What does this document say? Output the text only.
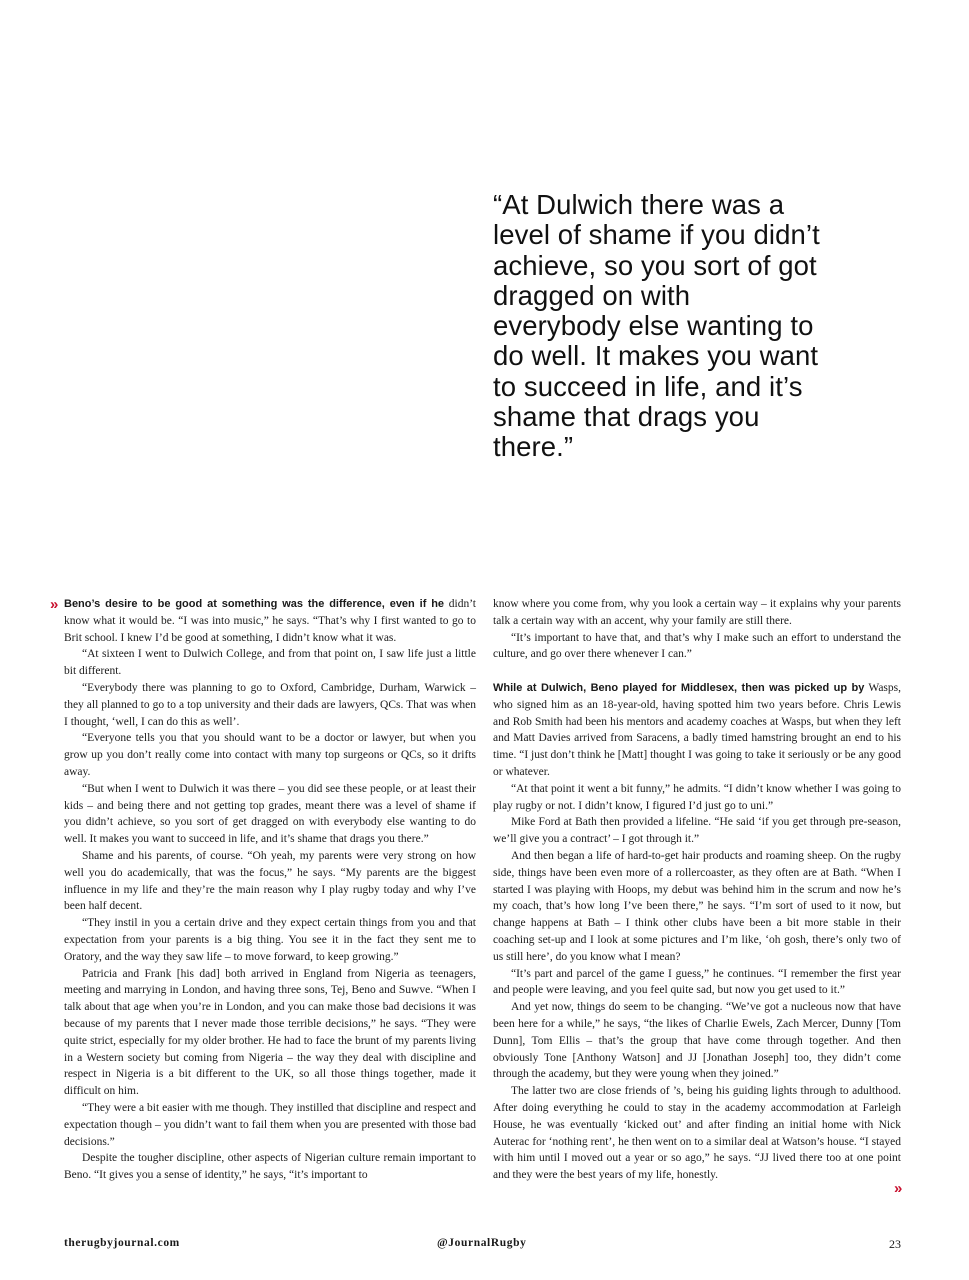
“At Dulwich there was a level of shame if you didn’t achieve, so you sort of got dragged on with everybody else wanting to do well. It makes you want to succeed in life, and it’s shame that drags you there.”
» Beno’s desire to be good at something was the difference, even if he didn’t know what it would be. “I was into music,” he says. “That’s why I first wanted to go to Brit school. I knew I’d be good at something, I didn’t know what it was.

“At sixteen I went to Dulwich College, and from that point on, I saw life just a little bit different.

“Everybody there was planning to go to Oxford, Cambridge, Durham, Warwick – they all planned to go to a top university and their dads are lawyers, QCs. That was when I thought, ‘well, I can do this as well’.

“Everyone tells you that you should want to be a doctor or lawyer, but when you grow up you don’t really come into contact with many top surgeons or QCs, so it drifts away.

“But when I went to Dulwich it was there – you did see these people, or at least their kids – and being there and not getting top grades, meant there was a level of shame if you didn’t achieve, so you sort of get dragged on with everybody else wanting to do well. It makes you want to succeed in life, and it’s shame that drags you there.”

Shame and his parents, of course. “Oh yeah, my parents were very strong on how well you do academically, that was the focus,” he says. “My parents are the biggest influence in my life and they’re the main reason why I play rugby today and why I’ve been half decent.

“They instil in you a certain drive and they expect certain things from you and that expectation from your parents is a big thing. You see it in the fact they sent me to Oratory, and the way they saw life – to move forward, to keep growing.”

Patricia and Frank [his dad] both arrived in England from Nigeria as teenagers, meeting and marrying in London, and having three sons, Tej, Beno and Suwve. “When I talk about that age when you’re in London, and you can make those bad decisions it was because of my parents that I never made those terrible decisions,” he says. “They were quite strict, especially for my older brother. He had to face the brunt of my parents living in a Western society but coming from Nigeria – the way they deal with discipline and respect in Nigeria is a bit different to the UK, so all those things together, made it difficult on him.

“They were a bit easier with me though. They instilled that discipline and respect and expectation though – you didn’t want to fail them when you are presented with those bad decisions.”

Despite the tougher discipline, other aspects of Nigerian culture remain important to Beno. “It gives you a sense of identity,” he says, “it’s important to

know where you come from, why you look a certain way – it explains why your parents talk a certain way with an accent, why your family are still there.

“It’s important to have that, and that’s why I make such an effort to understand the culture, and go over there whenever I can.”

While at Dulwich, Beno played for Middlesex, then was picked up by Wasps, who signed him as an 18-year-old, having spotted him two years before. Chris Lewis and Rob Smith had been his mentors and academy coaches at Wasps, but when they left and Matt Davies arrived from Saracens, a badly timed hamstring brought an end to his time. “I just don’t think he [Matt] thought I was going to take it seriously or be any good or whatever.

“At that point it went a bit funny,” he admits. “I didn’t know whether I was going to play rugby or not. I didn’t know, I figured I’d just go to uni.”

Mike Ford at Bath then provided a lifeline. “He said ‘if you get through pre-season, we’ll give you a contract’ – I got through it.”

And then began a life of hard-to-get hair products and roaming sheep. On the rugby side, things have been even more of a rollercoaster, as they often are at Bath. “When I started I was playing with Hoops, my debut was behind him in the scrum and now he’s my coach, that’s how long I’ve been there,” he says. “I’m sort of used to it now, but change happens at Bath – I think other clubs have been a bit more stable in their coaching set-up and I look at some pictures and I’m like, ‘oh gosh, there’s only two of us still here’, do you know what I mean?

“It’s part and parcel of the game I guess,” he continues. “I remember the first year and people were leaving, and you feel quite sad, but now you get used to it.”

And yet now, things do seem to be changing. “We’ve got a nucleous now that have been here for a while,” he says, “the likes of Charlie Ewels, Zach Mercer, Dunny [Tom Dunn], Tom Ellis – that’s the group that have come through together. And then obviously Tone [Anthony Watson] and JJ [Jonathan Joseph] too, they didn’t come through the academy, but they were young when they joined.”

The latter two are close friends of ’s, being his guiding lights through to adulthood. After doing everything he could to stay in the academy accommodation at Farleigh House, he was eventually ‘kicked out’ and after finding an initial home with Nick Auterac for ‘nothing rent’, he then went on to a similar deal at Watson’s house. “I stayed with him until I moved out a year or so ago,” he says. “JJ lived there too at one point and they were the best years of my life, honestly.

»
therugbyjournal.com	@JournalRugby	23
